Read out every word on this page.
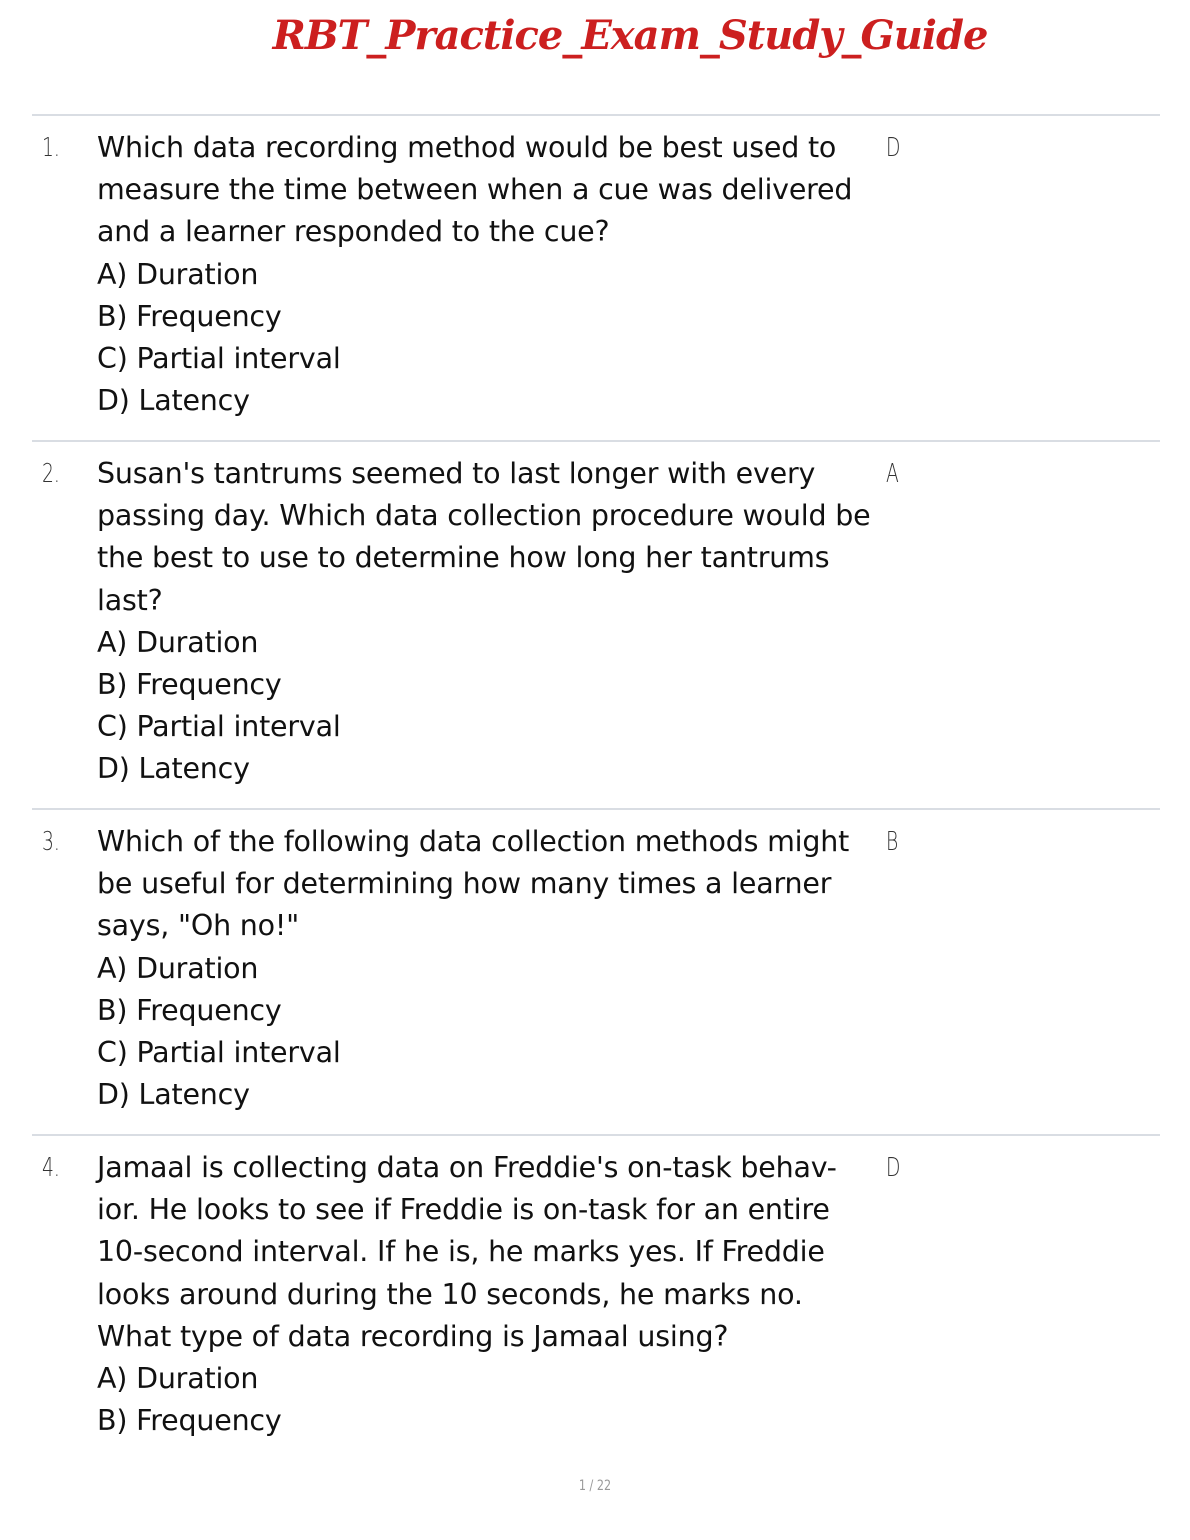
RBT_Practice_Exam_Study_Guide
1. Which data recording method would be best used to measure the time between when a cue was delivered and a learner responded to the cue?
A) Duration
B) Frequency
C) Partial interval
D) Latency
D
2. Susan's tantrums seemed to last longer with every passing day. Which data collection procedure would be the best to use to determine how long her tantrums last?
A) Duration
B) Frequency
C) Partial interval
D) Latency
A
3. Which of the following data collection methods might be useful for determining how many times a learner says, "Oh no!"
A) Duration
B) Frequency
C) Partial interval
D) Latency
B
4. Jamaal is collecting data on Freddie's on-task behav- ior. He looks to see if Freddie is on-task for an entire 10-second interval. If he is, he marks yes. If Freddie looks around during the 10 seconds, he marks no. What type of data recording is Jamaal using?
A) Duration
B) Frequency
D
1 / 22
